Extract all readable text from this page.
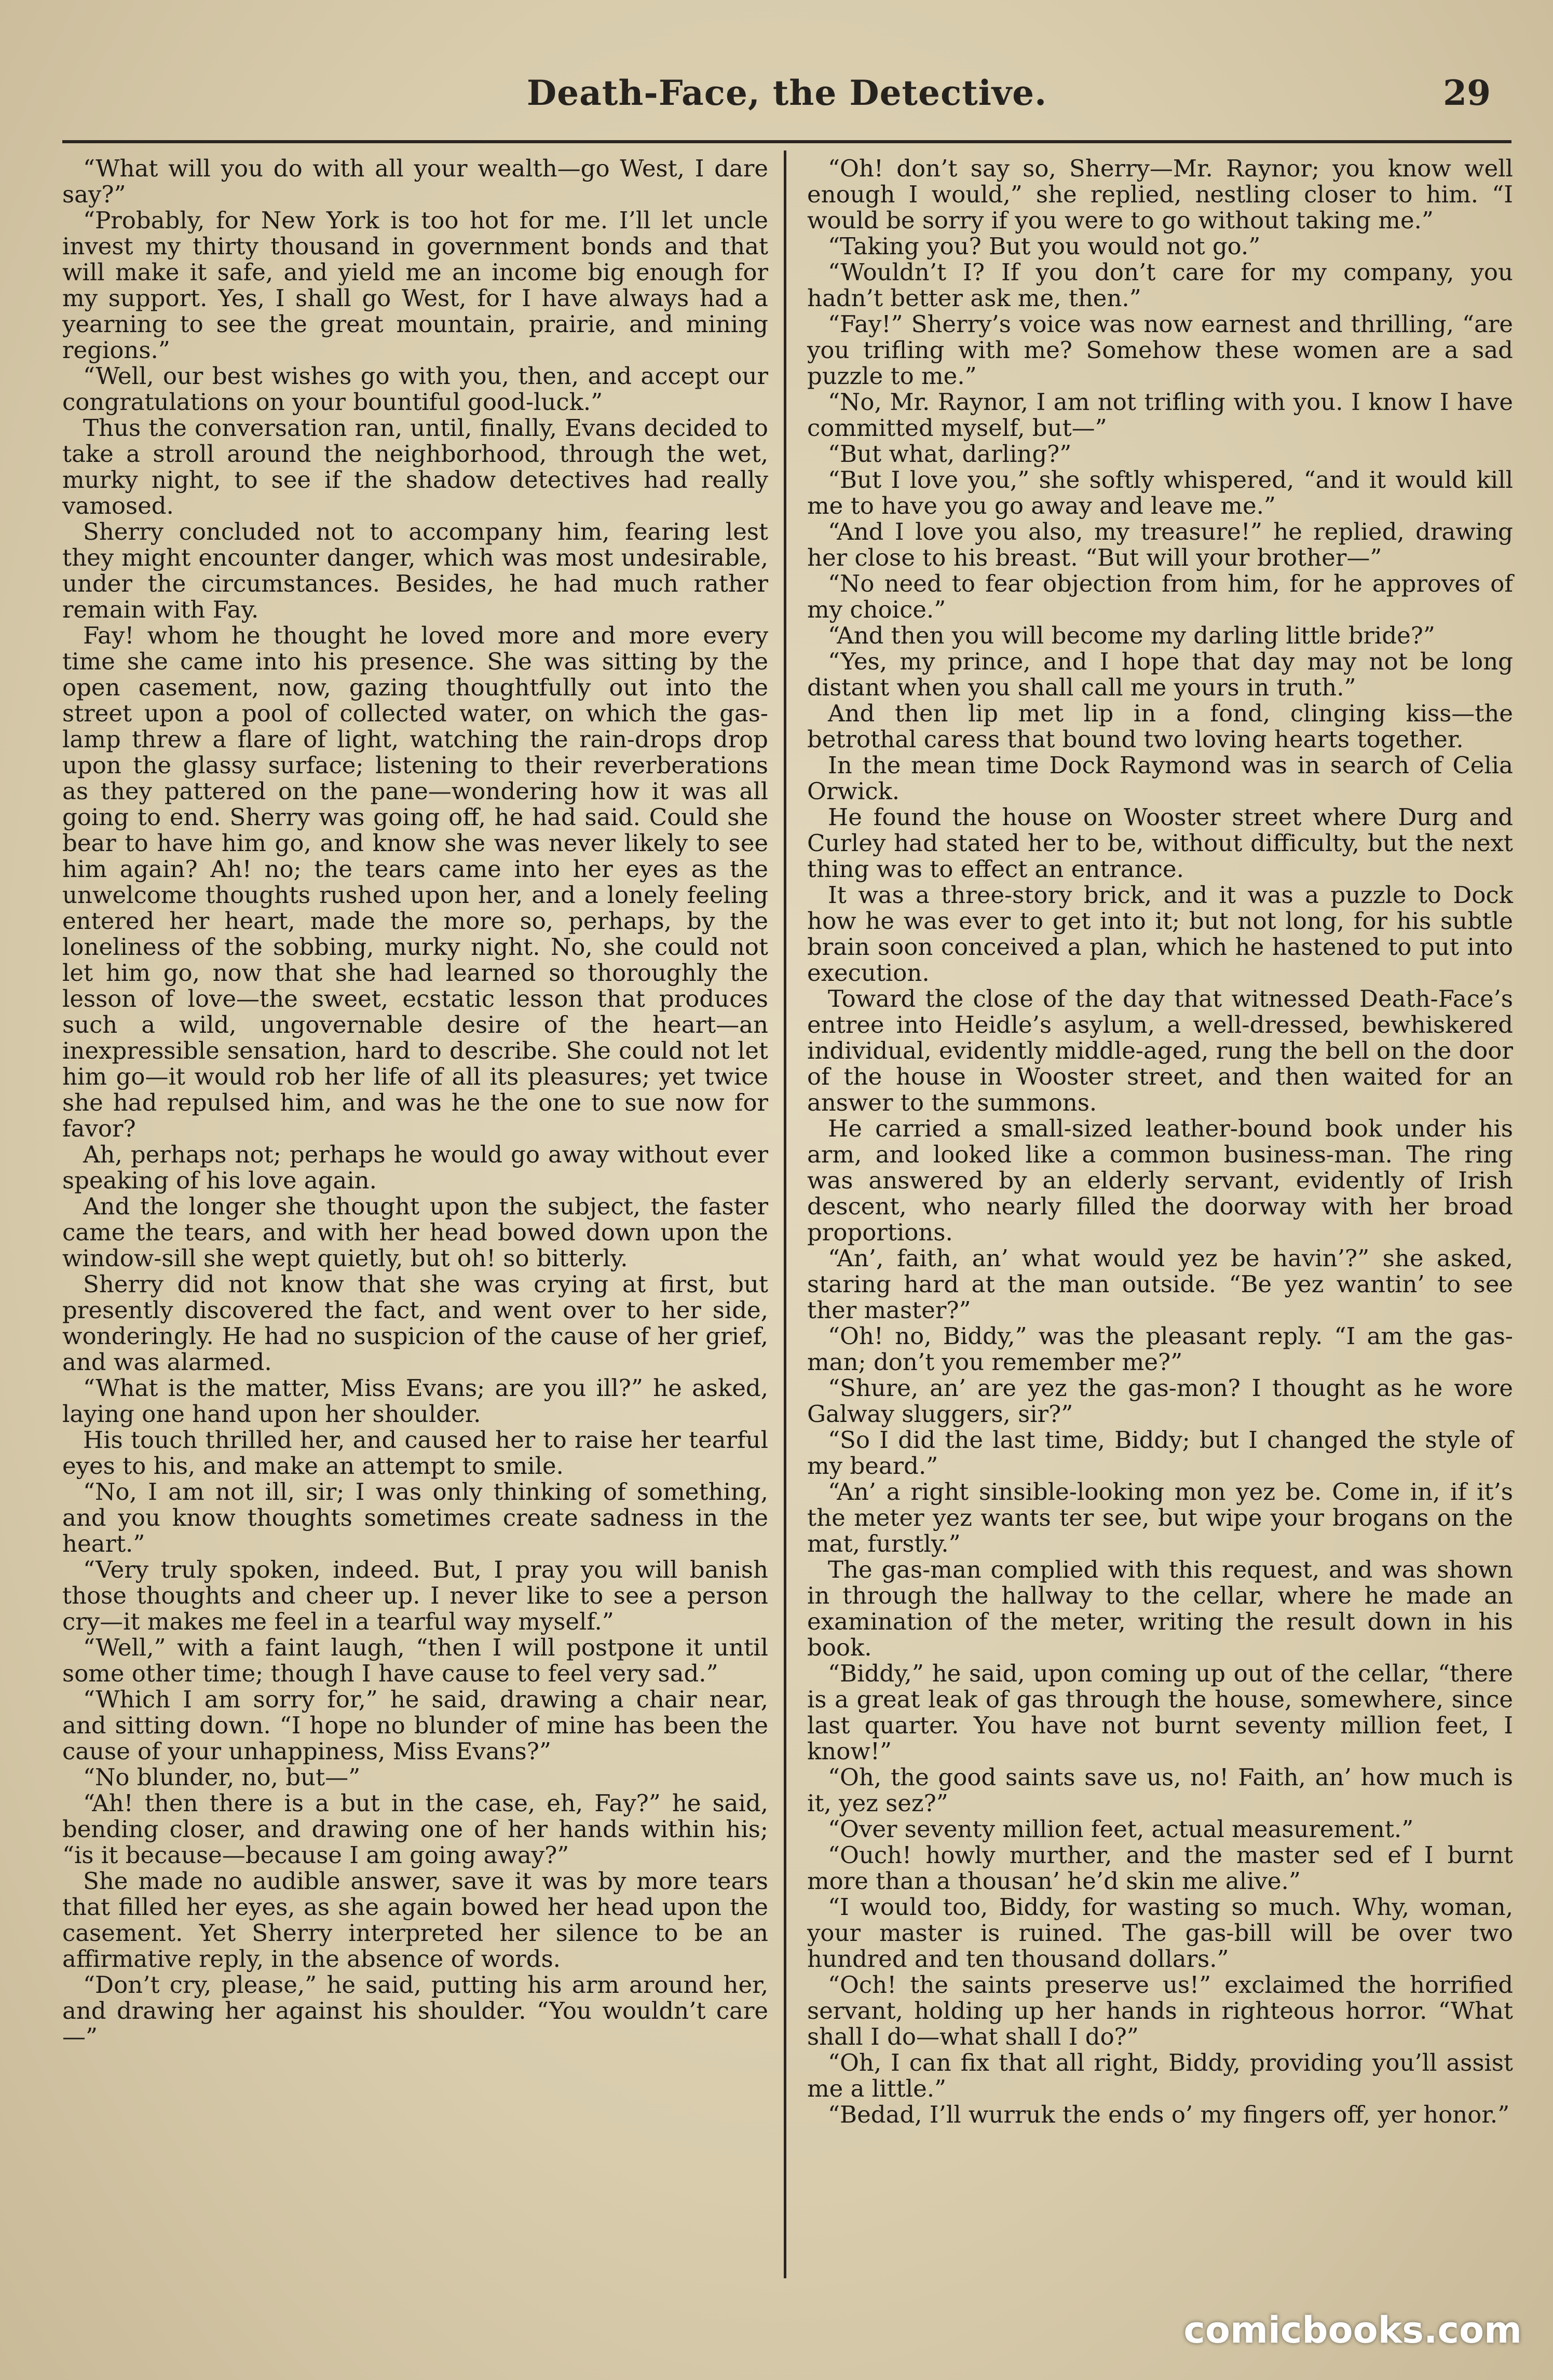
Death-Face, the Detective.	29

“What will you do with all your wealth—go West, I dare say?”

“Probably, for New York is too hot for me. I’ll let uncle invest my thirty thousand in government bonds and that will make it safe, and yield me an income big enough for my support. Yes, I shall go West, for I have always had a yearning to see the great mountain, prairie, and mining regions.”

“Well, our best wishes go with you, then, and accept our congratulations on your bountiful good-luck.”

Thus the conversation ran, until, finally, Evans decided to take a stroll around the neighborhood, through the wet, murky night, to see if the shadow detectives had really vamosed.

Sherry concluded not to accompany him, fearing lest they might encounter danger, which was most undesirable, under the circumstances. Besides, he had much rather remain with Fay.

Fay! whom he thought he loved more and more every time she came into his presence. She was sitting by the open casement, now, gazing thoughtfully out into the street upon a pool of collected water, on which the gas-lamp threw a flare of light, watching the rain-drops drop upon the glassy surface; listening to their reverberations as they pattered on the pane—wondering how it was all going to end. Sherry was going off, he had said. Could she bear to have him go, and know she was never likely to see him again? Ah! no; the tears came into her eyes as the unwelcome thoughts rushed upon her, and a lonely feeling entered her heart, made the more so, perhaps, by the loneliness of the sobbing, murky night. No, she could not let him go, now that she had learned so thoroughly the lesson of love—the sweet, ecstatic lesson that produces such a wild, ungovernable desire of the heart—an inexpressible sensation, hard to describe. She could not let him go—it would rob her life of all its pleasures; yet twice she had repulsed him, and was he the one to sue now for favor?

Ah, perhaps not; perhaps he would go away without ever speaking of his love again.

And the longer she thought upon the subject, the faster came the tears, and with her head bowed down upon the window-sill she wept quietly, but oh! so bitterly.

Sherry did not know that she was crying at first, but presently discovered the fact, and went over to her side, wonderingly. He had no suspicion of the cause of her grief, and was alarmed.

“What is the matter, Miss Evans; are you ill?” he asked, laying one hand upon her shoulder.

His touch thrilled her, and caused her to raise her tearful eyes to his, and make an attempt to smile.

“No, I am not ill, sir; I was only thinking of something, and you know thoughts sometimes create sadness in the heart.”

“Very truly spoken, indeed. But, I pray you will banish those thoughts and cheer up. I never like to see a person cry—it makes me feel in a tearful way myself.”

“Well,” with a faint laugh, “then I will postpone it until some other time; though I have cause to feel very sad.”

“Which I am sorry for,” he said, drawing a chair near, and sitting down. “I hope no blunder of mine has been the cause of your unhappiness, Miss Evans?”

“No blunder, no, but—”

“Ah! then there is a but in the case, eh, Fay?” he said, bending closer, and drawing one of her hands within his; “is it because—because I am going away?”

She made no audible answer, save it was by more tears that filled her eyes, as she again bowed her head upon the casement. Yet Sherry interpreted her silence to be an affirmative reply, in the absence of words.

“Don’t cry, please,” he said, putting his arm around her, and drawing her against his shoulder. “You wouldn’t care—”

“Oh! don’t say so, Sherry—Mr. Raynor; you know well enough I would,” she replied, nestling closer to him. “I would be sorry if you were to go without taking me.”

“Taking you? But you would not go.”

“Wouldn’t I? If you don’t care for my company, you hadn’t better ask me, then.”

“Fay!” Sherry’s voice was now earnest and thrilling, “are you trifling with me? Somehow these women are a sad puzzle to me.”

“No, Mr. Raynor, I am not trifling with you. I know I have committed myself, but—”

“But what, darling?”

“But I love you,” she softly whispered, “and it would kill me to have you go away and leave me.”

“And I love you also, my treasure!” he replied, drawing her close to his breast. “But will your brother—”

“No need to fear objection from him, for he approves of my choice.”

“And then you will become my darling little bride?”

“Yes, my prince, and I hope that day may not be long distant when you shall call me yours in truth.”

And then lip met lip in a fond, clinging kiss—the betrothal caress that bound two loving hearts together.

In the mean time Dock Raymond was in search of Celia Orwick.

He found the house on Wooster street where Durg and Curley had stated her to be, without difficulty, but the next thing was to effect an entrance.

It was a three-story brick, and it was a puzzle to Dock how he was ever to get into it; but not long, for his subtle brain soon conceived a plan, which he hastened to put into execution.

Toward the close of the day that witnessed Death-Face’s entree into Heidle’s asylum, a well-dressed, bewhiskered individual, evidently middle-aged, rung the bell on the door of the house in Wooster street, and then waited for an answer to the summons.

He carried a small-sized leather-bound book under his arm, and looked like a common business-man. The ring was answered by an elderly servant, evidently of Irish descent, who nearly filled the doorway with her broad proportions.

“An’, faith, an’ what would yez be havin’?” she asked, staring hard at the man outside. “Be yez wantin’ to see ther master?”

“Oh! no, Biddy,” was the pleasant reply. “I am the gas-man; don’t you remember me?”

“Shure, an’ are yez the gas-mon? I thought as he wore Galway sluggers, sir?”

“So I did the last time, Biddy; but I changed the style of my beard.”

“An’ a right sinsible-looking mon yez be. Come in, if it’s the meter yez wants ter see, but wipe your brogans on the mat, furstly.”

The gas-man complied with this request, and was shown in through the hallway to the cellar, where he made an examination of the meter, writing the result down in his book.

“Biddy,” he said, upon coming up out of the cellar, “there is a great leak of gas through the house, somewhere, since last quarter. You have not burnt seventy million feet, I know!”

“Oh, the good saints save us, no! Faith, an’ how much is it, yez sez?”

“Over seventy million feet, actual measurement.”

“Ouch! howly murther, and the master sed ef I burnt more than a thousan’ he’d skin me alive.”

“I would too, Biddy, for wasting so much. Why, woman, your master is ruined. The gas-bill will be over two hundred and ten thousand dollars.”

“Och! the saints preserve us!” exclaimed the horrified servant, holding up her hands in righteous horror. “What shall I do—what shall I do?”

“Oh, I can fix that all right, Biddy, providing you’ll assist me a little.”

“Bedad, I’ll wurruk the ends o’ my fingers off, yer honor.”

comicbooks.com
